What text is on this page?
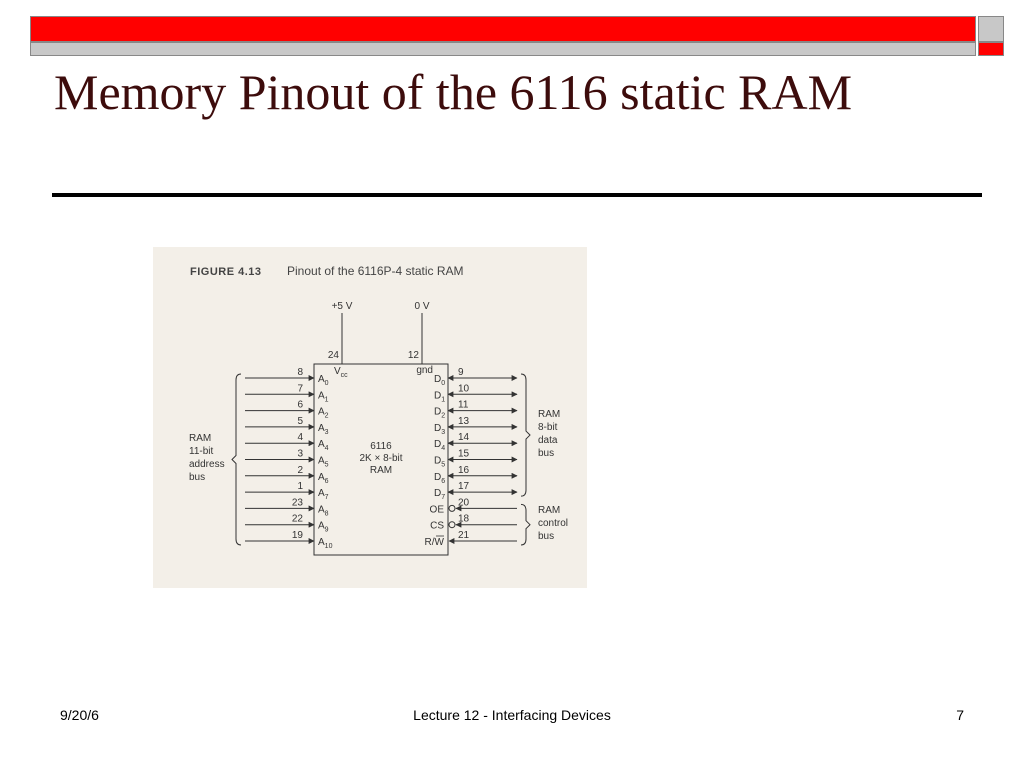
Memory Pinout of the 6116 static RAM
FIGURE 4.13 Pinout of the 6116P-4 static RAM
+5 V	0 V
24	12
$V_{cc}$	gnd
6116
2K × 8-bit
RAM
8
$A_0$
7
$A_1$
6
$A_2$
5
$A_3$
4
$A_4$
3
$A_5$
2
$A_6$
1
$A_7$
23
$A_8$
22
$A_9$
19
$A_{10}$
RAM
11-bit
address
bus
9
$D_0$ 10
$D_1$ 11
$D_2$ 13
$D_3$ 14
$D_4$ 15
$D_5$ 16
$D_6$ 17
$D_7$
RAM
8-bit
data
bus
20
OE
18
CS
21
R/W
RAM
control
bus
9/20/6	Lecture 12 - Interfacing Devices	7
